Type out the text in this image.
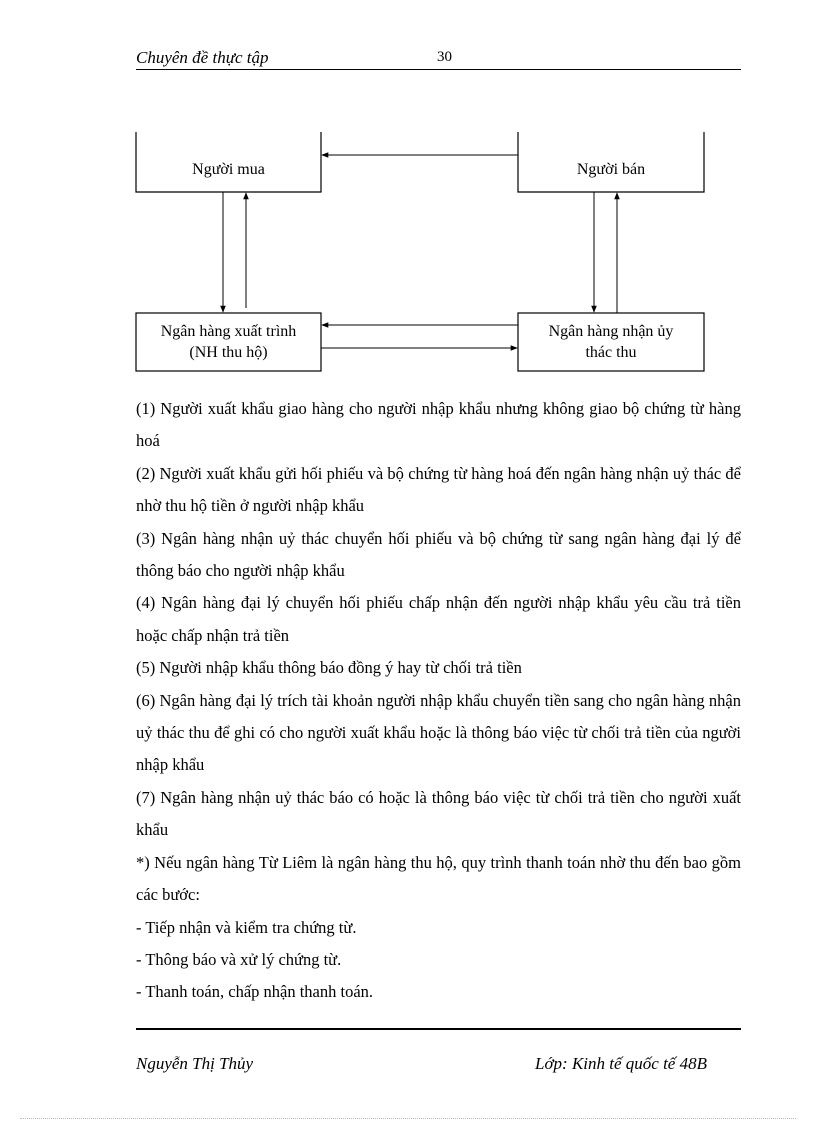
Chuyên đề thực tập	30
Người mua	Người bán
Ngân hàng xuất trình
(NH thu hộ)
Ngân hàng nhận ủy
thác thu

(1) Người xuất khẩu giao hàng cho người nhập khẩu nhưng không giao bộ chứng từ hàng hoá

(2) Người xuất khẩu gửi hối phiếu và bộ chứng từ hàng hoá đến ngân hàng nhận uỷ thác để nhờ thu hộ tiền ở người nhập khẩu

(3) Ngân hàng nhận uỷ thác chuyển hối phiếu và bộ chứng từ sang ngân hàng đại lý để thông báo cho người nhập khẩu

(4) Ngân hàng đại lý chuyển hối phiếu chấp nhận đến người nhập khẩu yêu cầu trả tiền hoặc chấp nhận trả tiền

(5) Người nhập khẩu thông báo đồng ý hay từ chối trả tiền

(6) Ngân hàng đại lý trích tài khoản người nhập khẩu chuyển tiền sang cho ngân hàng nhận uỷ thác thu để ghi có cho người xuất khẩu hoặc là thông báo việc từ chối trả tiền của người nhập khẩu

(7) Ngân hàng nhận uỷ thác báo có hoặc là thông báo việc từ chối trả tiền cho người xuất khẩu

*) Nếu ngân hàng Từ Liêm là ngân hàng thu hộ, quy trình thanh toán nhờ thu đến bao gồm các bước:

- Tiếp nhận và kiểm tra chứng từ.

- Thông báo và xử lý chứng từ.

- Thanh toán, chấp nhận thanh toán.

Nguyễn Thị Thủy	Lớp: Kinh tế quốc tế 48B
